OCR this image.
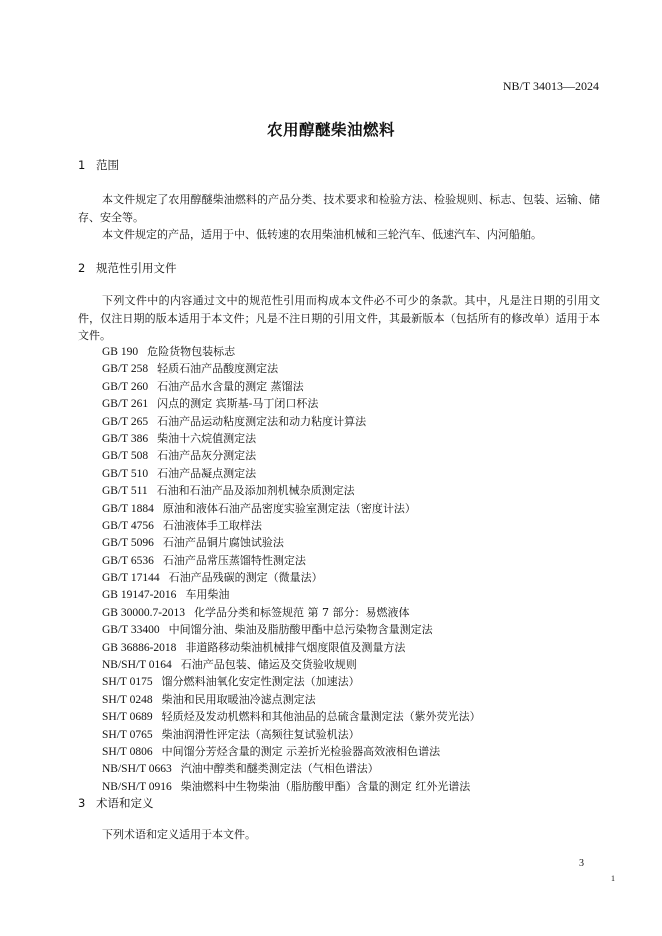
NB/T 34013—2024
农用醇醚柴油燃料
1 范围
本文件规定了农用醇醚柴油燃料的产品分类、技术要求和检验方法、检验规则、标志、包装、运输、储存、安全等。
本文件规定的产品，适用于中、低转速的农用柴油机械和三轮汽车、低速汽车、内河船舶。
2 规范性引用文件
下列文件中的内容通过文中的规范性引用而构成本文件必不可少的条款。其中，凡是注日期的引用文件，仅注日期的版本适用于本文件；凡是不注日期的引用文件，其最新版本（包括所有的修改单）适用于本文件。
GB 190 危险货物包装标志
GB/T 258 轻质石油产品酸度测定法
GB/T 260 石油产品水含量的测定 蒸馏法
GB/T 261 闪点的测定 宾斯基-马丁闭口杯法
GB/T 265 石油产品运动粘度测定法和动力粘度计算法
GB/T 386 柴油十六烷值测定法
GB/T 508 石油产品灰分测定法
GB/T 510 石油产品凝点测定法
GB/T 511 石油和石油产品及添加剂机械杂质测定法
GB/T 1884 原油和液体石油产品密度实验室测定法（密度计法）
GB/T 4756 石油液体手工取样法
GB/T 5096 石油产品铜片腐蚀试验法
GB/T 6536 石油产品常压蒸馏特性测定法
GB/T 17144 石油产品残碳的测定（微量法）
GB 19147-2016 车用柴油
GB 30000.7-2013 化学品分类和标签规范 第 7 部分：易燃液体
GB/T 33400 中间馏分油、柴油及脂肪酸甲酯中总污染物含量测定法
GB 36886-2018 非道路移动柴油机械排气烟度限值及测量方法
NB/SH/T 0164 石油产品包装、储运及交货验收规则
SH/T 0175 馏分燃料油氧化安定性测定法（加速法）
SH/T 0248 柴油和民用取暖油冷滤点测定法
SH/T 0689 轻质烃及发动机燃料和其他油品的总硫含量测定法（紫外荧光法）
SH/T 0765 柴油润滑性评定法（高频往复试验机法）
SH/T 0806 中间馏分芳烃含量的测定 示差折光检验器高效液相色谱法
NB/SH/T 0663 汽油中醇类和醚类测定法（气相色谱法）
NB/SH/T 0916 柴油燃料中生物柴油（脂肪酸甲酯）含量的测定 红外光谱法
3 术语和定义
下列术语和定义适用于本文件。
3
1
